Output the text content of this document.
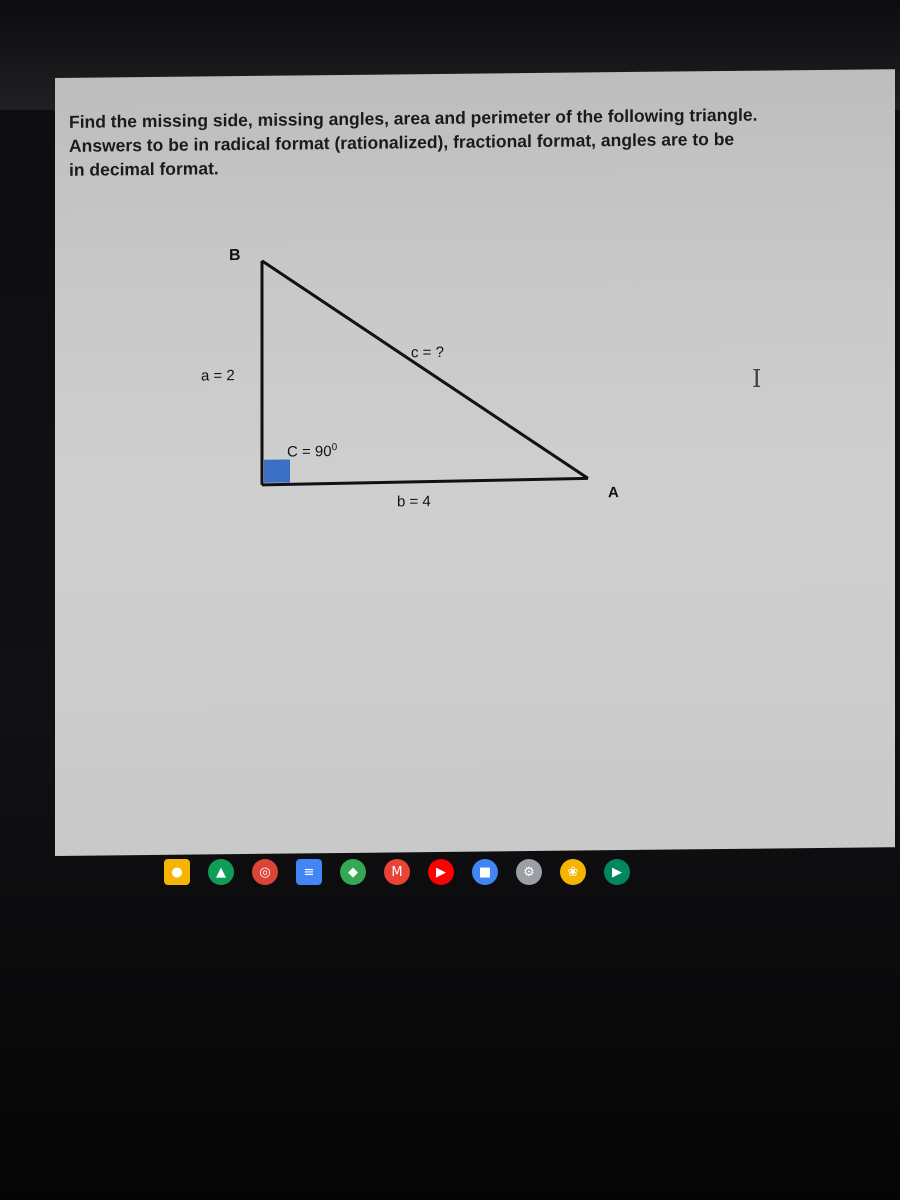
Find the missing side, missing angles, area and perimeter of the following triangle.
Answers to be in radical format (rationalized), fractional format, angles are to be
in decimal format.
B
c = ?
a = 2
$C = 90^0$
A
b = 4
I
●	▲	◎	≡	◆	M	▶	■	⚙	❀	▶
